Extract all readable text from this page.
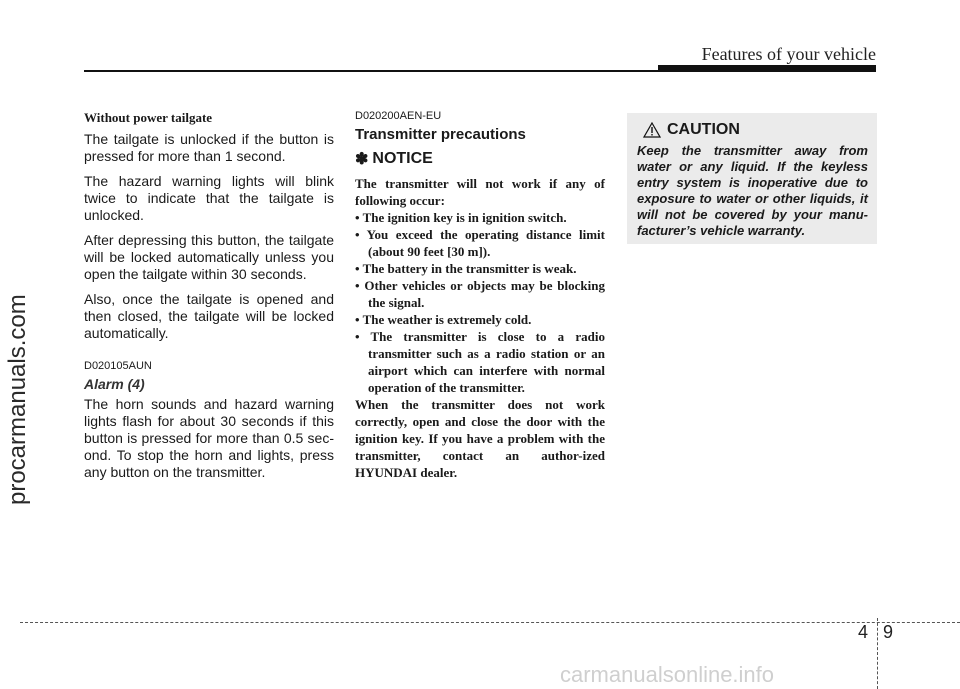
Features of your vehicle
procarmanuals.com

Without power tailgate

The tailgate is unlocked if the button is pressed for more than 1 second.

The hazard warning lights will blink twice to indicate that the tailgate is unlocked.

After depressing this button, the tailgate will be locked automatically unless you open the tailgate within 30 seconds.

Also, once the tailgate is opened and then closed, the tailgate will be locked automatically.

D020105AUN

Alarm (4)

The horn sounds and hazard warning lights flash for about 30 seconds if this button is pressed for more than 0.5 sec-ond. To stop the horn and lights, press any button on the transmitter.

D020200AEN-EU

Transmitter precautions

✽ NOTICE

The transmitter will not work if any of following occur:

• The ignition key is in ignition switch.
• You exceed the operating distance limit (about 90 feet [30 m]).
• The battery in the transmitter is weak.
• Other vehicles or objects may be blocking the signal.
• The weather is extremely cold.
• The transmitter is close to a radio transmitter such as a radio station or an airport which can interfere with normal operation of the transmitter.

When the transmitter does not work correctly, open and close the door with the ignition key. If you have a problem with the transmitter, contact an author-ized HYUNDAI dealer.

CAUTION

Keep the transmitter away from water or any liquid. If the keyless entry system is inoperative due to exposure to water or other liquids, it will not be covered by your manu-facturer’s vehicle warranty.

4 9
carmanualsonline.info
